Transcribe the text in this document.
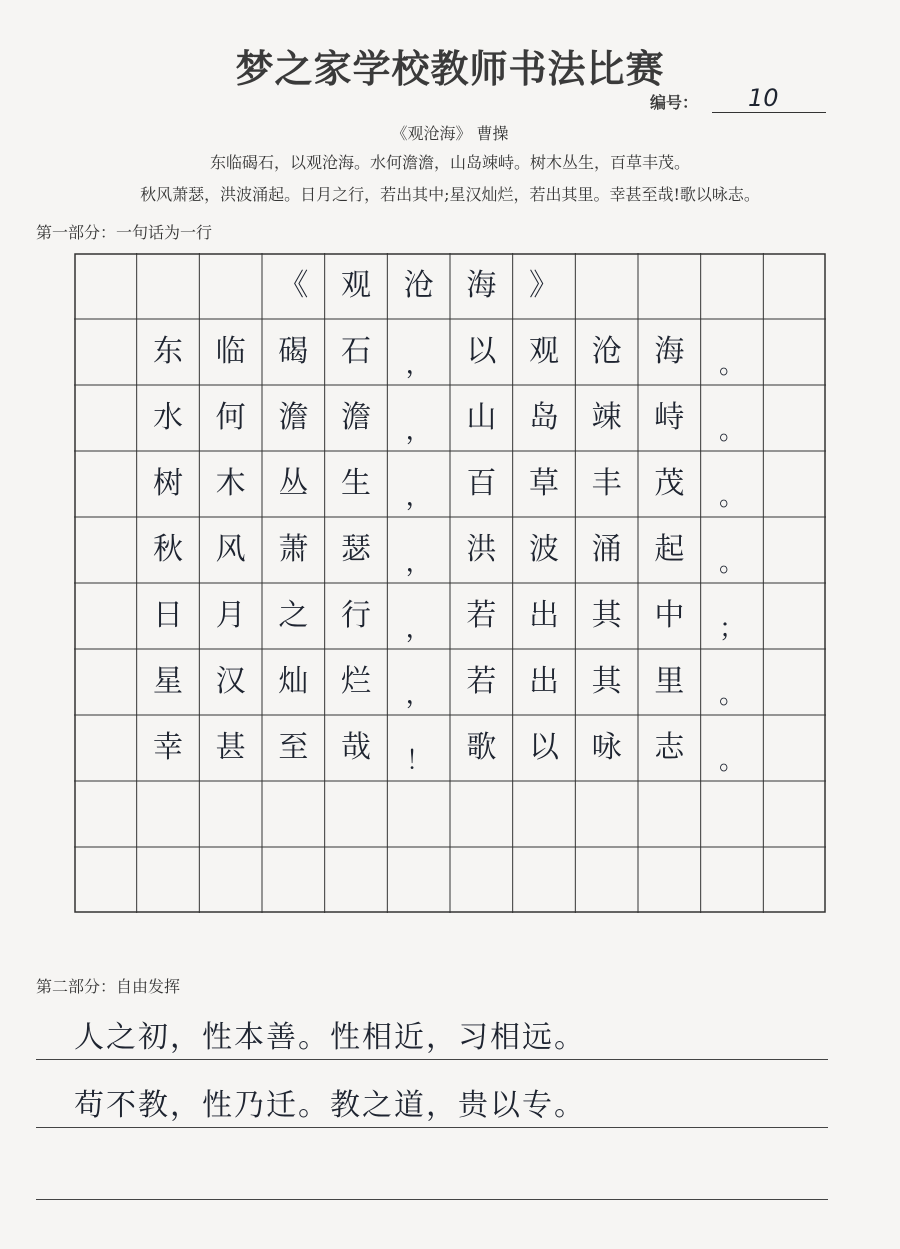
梦之家学校教师书法比赛
编号： 10
《观沧海》 曹操
东临碣石，以观沧海。水何澹澹，山岛竦峙。树木丛生，百草丰茂。
秋风萧瑟，洪波涌起。日月之行，若出其中;星汉灿烂，若出其里。幸甚至哉!歌以咏志。
第一部分：一句话为一行
《	观	沧	海	》
东	临	碣	石	，	以	观	沧	海	。
水	何	澹	澹	，	山	岛	竦	峙	。
树	木	丛	生	，	百	草	丰	茂	。
秋	风	萧	瑟	，	洪	波	涌	起	。
日	月	之	行	，	若	出	其	中	；
星	汉	灿	烂	，	若	出	其	里	。
幸	甚	至	哉	！	歌	以	咏	志	。
第二部分：自由发挥
人之初，性本善。性相近，习相远。
苟不教，性乃迁。教之道，贵以专。
